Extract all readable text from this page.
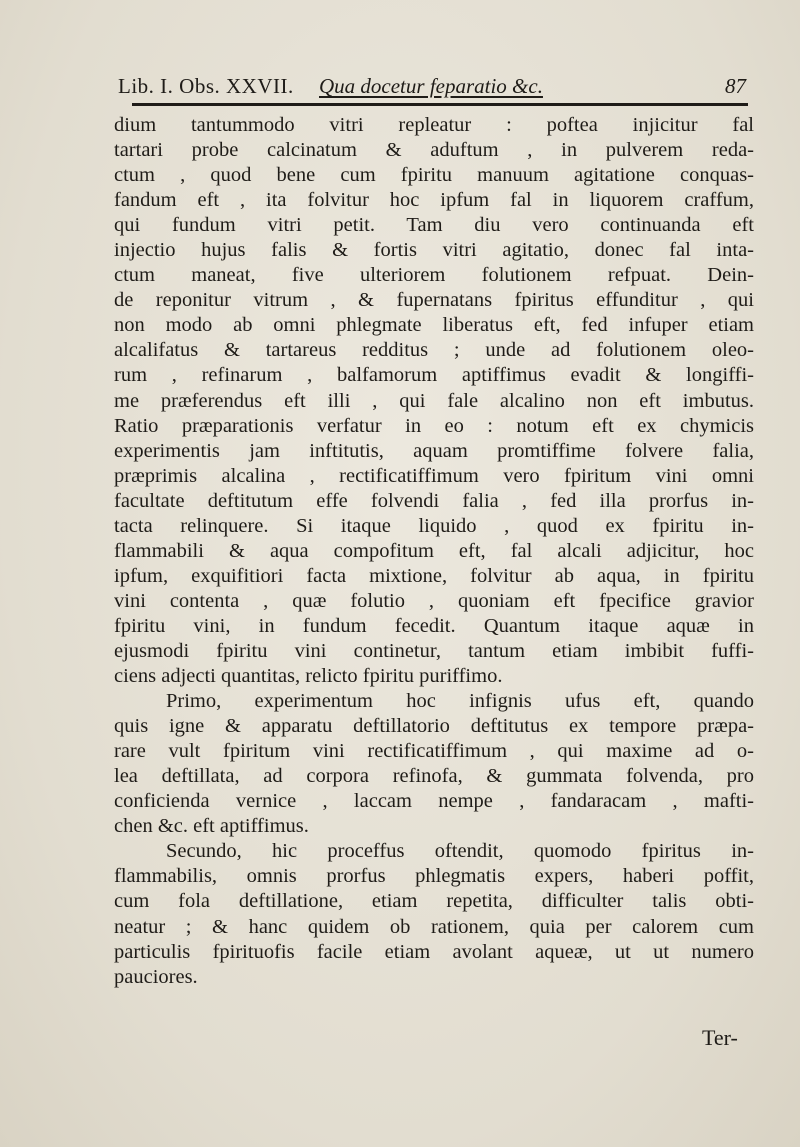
Lib. I. Obs. XXVII. Qua docetur feparatio &c.	87
dium tantummodo vitri repleatur : poftea injicitur fal
tartari probe calcinatum & aduftum , in pulverem reda-
ctum , quod bene cum fpiritu manuum agitatione conquas-
fandum eft , ita folvitur hoc ipfum fal in liquorem craffum,
qui fundum vitri petit. Tam diu vero continuanda eft
injectio hujus falis & fortis vitri agitatio, donec fal inta-
ctum maneat, five ulteriorem folutionem refpuat. Dein-
de reponitur vitrum , & fupernatans fpiritus effunditur , qui
non modo ab omni phlegmate liberatus eft, fed infuper etiam
alcalifatus & tartareus redditus ; unde ad folutionem oleo-
rum , refinarum , balfamorum aptiffimus evadit & longiffi-
me præferendus eft illi , qui fale alcalino non eft imbutus.
Ratio præparationis verfatur in eo : notum eft ex chymicis
experimentis jam inftitutis, aquam promtiffime folvere falia,
præprimis alcalina , rectificatiffimum vero fpiritum vini omni
facultate deftitutum effe folvendi falia , fed illa prorfus in-
tacta relinquere. Si itaque liquido , quod ex fpiritu in-
flammabili & aqua compofitum eft, fal alcali adjicitur, hoc
ipfum, exquifitiori facta mixtione, folvitur ab aqua, in fpiritu
vini contenta , quæ folutio , quoniam eft fpecifice gravior
fpiritu vini, in fundum fecedit. Quantum itaque aquæ in
ejusmodi fpiritu vini continetur, tantum etiam imbibit fuffi-
ciens adjecti quantitas, relicto fpiritu puriffimo.
Primo, experimentum hoc infignis ufus eft, quando
quis igne & apparatu deftillatorio deftitutus ex tempore præpa-
rare vult fpiritum vini rectificatiffimum , qui maxime ad o-
lea deftillata, ad corpora refinofa, & gummata folvenda, pro
conficienda vernice , laccam nempe , fandaracam , mafti-
chen &c. eft aptiffimus.
Secundo, hic proceffus oftendit, quomodo fpiritus in-
flammabilis, omnis prorfus phlegmatis expers, haberi poffit,
cum fola deftillatione, etiam repetita, difficulter talis obti-
neatur ; & hanc quidem ob rationem, quia per calorem cum
particulis fpirituofis facile etiam avolant aqueæ, ut ut numero
pauciores.
Ter-
